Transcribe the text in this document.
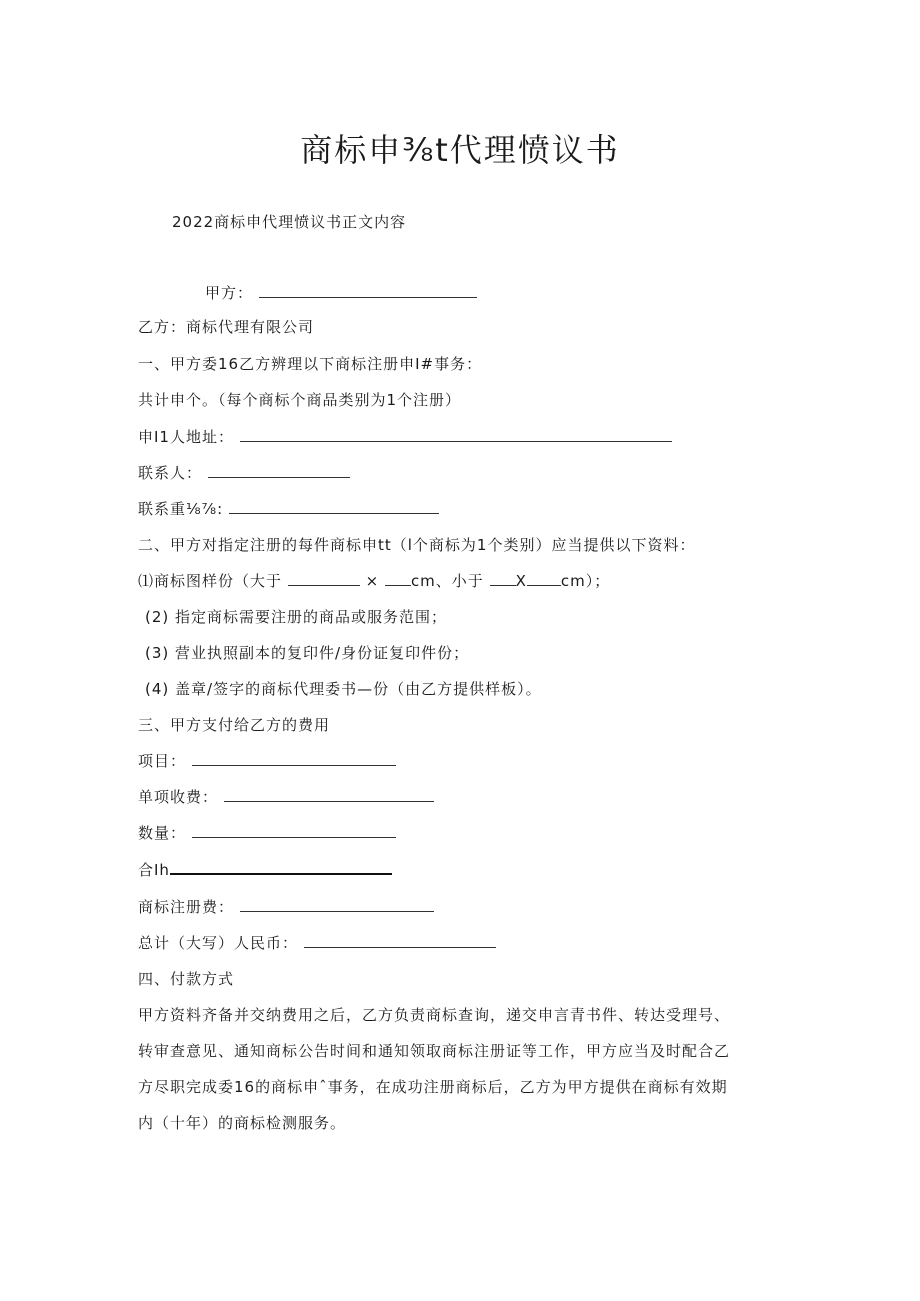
商标申⅜t代理愤议书
2022商标申代理愤议书正文内容
甲方：
乙方：商标代理有限公司
一、甲方委16乙方辨理以下商标注册申I#事务：
共计申个。（每个商标个商品类别为1个注册）
申I1人地址：
联系人：
联系重⅛⅞:
二、甲方对指定注册的每件商标申tt（l个商标为1个类别）应当提供以下资料：
⑴商标图样份（大于	× cm、小于 X cm）；
(2) 指定商标需要注册的商品或服务范围；
(3) 营业执照副本的复印件/身份证复印件份；
(4) 盖章/签字的商标代理委书—份（由乙方提供样板）。
三、甲方支付给乙方的费用
项目：
单项收费：
数量：
合Ih
商标注册费：
总计（大写）人民币：
四、付款方式
甲方资料齐备并交纳费用之后，乙方负责商标查询，递交申言青书件、转达受理号、
转审查意见、通知商标公告时间和通知领取商标注册证等工作，甲方应当及时配合乙
方尽职完成委16的商标申ˆ事务，在成功注册商标后，乙方为甲方提供在商标有效期
内（十年）的商标检测服务。
